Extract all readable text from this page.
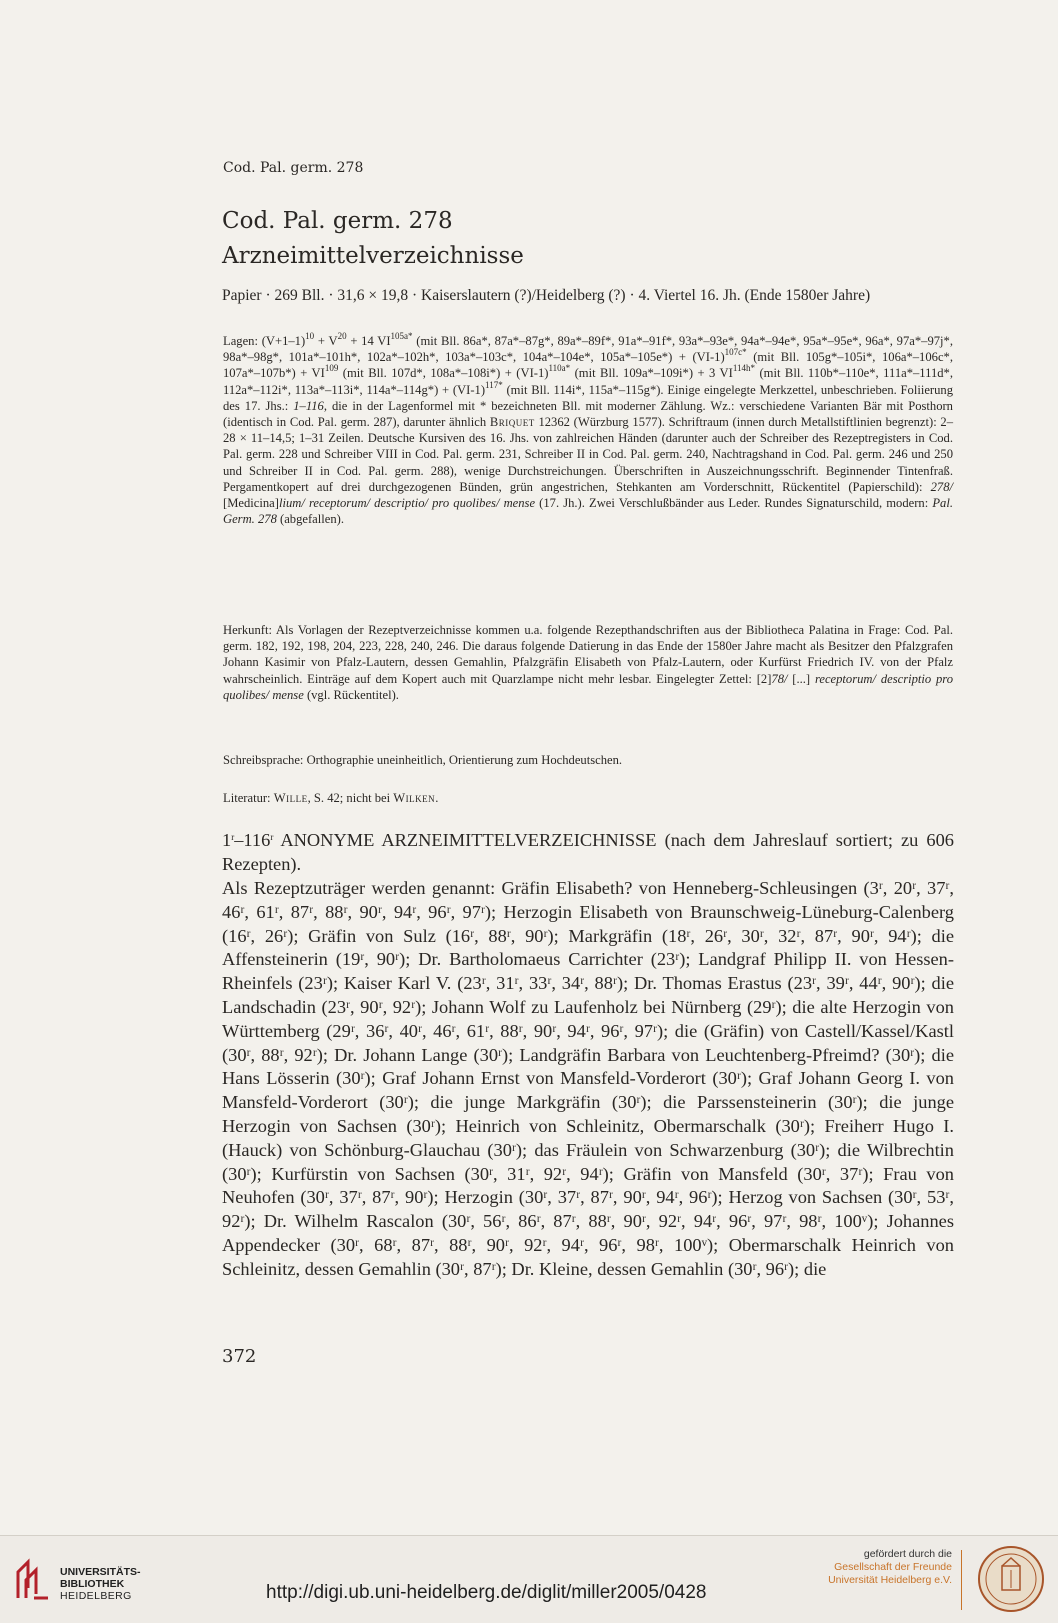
Cod. Pal. germ. 278
Cod. Pal. germ. 278
Arzneimittelverzeichnisse
Papier · 269 Bll. · 31,6 × 19,8 · Kaiserslautern (?)/Heidelberg (?) · 4. Viertel 16. Jh. (Ende 1580er Jahre)
Lagen: $(V+1-1)^{10} + V^{20} + 14$ $VI^{105a*}$ (mit Bll. 86a*, 87a*–87g*, 89a*–89f*, 91a*–91f*, 93a*–93e*, 94a*–94e*, 95a*–95e*, 96a*, 97a*–97j*, 98a*–98g*, 101a*–101h*, 102a*–102h*, 103a*–103c*, 104a*–104e*, $105a*-105e*) + (VI-1)^{107c*}$ (mit Bll. 105g*–105i*, 106a*–106c*, $107a*-107b*) + VI^{109}$ (mit Bll. 107d*, $108a*-108i*) + (VI-1)^{110a*}$ (mit Bll. 109a*–109i*) + 3 $VI^{114h*}$ (mit Bll. 110b*–110e*, 111a*–111d*, 112a*–112i*, 113a*–113i*, $114a*-114g*) + (VI-1)^{117*}$ (mit Bll. 114i*, 115a*–115g*). Einige eingelegte Merkzettel, unbeschrieben. Foliierung des 17. Jhs.: 1–116, die in der Lagenformel mit * bezeichneten Bll. mit moderner Zählung. Wz.: verschiedene Varianten Bär mit Posthorn (identisch in Cod. Pal. germ. 287), darunter ähnlich Briquet 12362 (Würzburg 1577). Schriftraum (innen durch Metallstiftlinien begrenzt): 2–28 × 11–14,5; 1–31 Zeilen. Deutsche Kursiven des 16. Jhs. von zahlreichen Händen (darunter auch der Schreiber des Rezeptregisters in Cod. Pal. germ. 228 und Schreiber VIII in Cod. Pal. germ. 231, Schreiber II in Cod. Pal. germ. 240, Nachtragshand in Cod. Pal. germ. 246 und 250 und Schreiber II in Cod. Pal. germ. 288), wenige Durchstreichungen. Überschriften in Auszeichnungsschrift. Beginnender Tintenfraß. Pergamentkopert auf drei durchgezogenen Bünden, grün angestrichen, Stehkanten am Vorderschnitt, Rückentitel (Papierschild): 278/ [Medicina]lium/ receptorum/ descriptio/ pro quolibes/ mense (17. Jh.). Zwei Verschlußbänder aus Leder. Rundes Signaturschild, modern: Pal. Germ. 278 (abgefallen).
Herkunft: Als Vorlagen der Rezeptverzeichnisse kommen u.a. folgende Rezepthandschriften aus der Bibliotheca Palatina in Frage: Cod. Pal. germ. 182, 192, 198, 204, 223, 228, 240, 246. Die daraus folgende Datierung in das Ende der 1580er Jahre macht als Besitzer den Pfalzgrafen Johann Kasimir von Pfalz-Lautern, dessen Gemahlin, Pfalzgräfin Elisabeth von Pfalz-Lautern, oder Kurfürst Friedrich IV. von der Pfalz wahrscheinlich. Einträge auf dem Kopert auch mit Quarzlampe nicht mehr lesbar. Eingelegter Zettel: [2]78/ [...] receptorum/ descriptio pro quolibes/ mense (vgl. Rückentitel).
Schreibsprache: Orthographie uneinheitlich, Orientierung zum Hochdeutschen.
Literatur: Wille, S. 42; nicht bei Wilken.
1$^r$–116$^r$ ANONYME ARZNEIMITTELVERZEICHNISSE (nach dem Jahreslauf sortiert; zu 606 Rezepten).
Als Rezeptzuträger werden genannt: Gräfin Elisabeth? von Henneberg-Schleusingen (3ʳ, 20ʳ, 37ʳ, 46ʳ, 61ʳ, 87ʳ, 88ʳ, 90ʳ, 94ʳ, 96ʳ, 97ʳ); Herzogin Elisabeth von Braunschweig-Lüneburg-Calenberg (16ʳ, 26ʳ); Gräfin von Sulz (16ʳ, 88ʳ, 90ʳ); Markgräfin (18ʳ, 26ʳ, 30ʳ, 32ʳ, 87ʳ, 90ʳ, 94ʳ); die Affensteinerin (19ʳ, 90ʳ); Dr. Bartholomaeus Carrichter (23ʳ); Landgraf Philipp II. von Hessen-Rheinfels (23ʳ); Kaiser Karl V. (23ʳ, 31ʳ, 33ʳ, 34ʳ, 88ʳ); Dr. Thomas Erastus (23ʳ, 39ʳ, 44ʳ, 90ʳ); die Landschadin (23ʳ, 90ʳ, 92ʳ); Johann Wolf zu Laufenholz bei Nürnberg (29ʳ); die alte Herzogin von Württemberg (29ʳ, 36ʳ, 40ʳ, 46ʳ, 61ʳ, 88ʳ, 90ʳ, 94ʳ, 96ʳ, 97ʳ); die (Gräfin) von Castell/Kassel/Kastl (30ʳ, 88ʳ, 92ʳ); Dr. Johann Lange (30ʳ); Landgräfin Barbara von Leuchtenberg-Pfreimd? (30ʳ); die Hans Lösserin (30ʳ); Graf Johann Ernst von Mansfeld-Vorderort (30ʳ); Graf Johann Georg I. von Mansfeld-Vorderort (30ʳ); die junge Markgräfin (30ʳ); die Parssensteinerin (30ʳ); die junge Herzogin von Sachsen (30ʳ); Heinrich von Schleinitz, Obermarschalk (30ʳ); Freiherr Hugo I. (Hauck) von Schönburg-Glauchau (30ʳ); das Fräulein von Schwarzenburg (30ʳ); die Wilbrechtin (30ʳ); Kurfürstin von Sachsen (30ʳ, 31ʳ, 92ʳ, 94ʳ); Gräfin von Mansfeld (30ʳ, 37ʳ); Frau von Neuhofen (30ʳ, 37ʳ, 87ʳ, 90ʳ); Herzogin (30ʳ, 37ʳ, 87ʳ, 90ʳ, 94ʳ, 96ʳ); Herzog von Sachsen (30ʳ, 53ʳ, 92ʳ); Dr. Wilhelm Rascalon (30ʳ, 56ʳ, 86ʳ, 87ʳ, 88ʳ, 90ʳ, 92ʳ, 94ʳ, 96ʳ, 97ʳ, 98ʳ, 100ᵛ); Johannes Appendecker (30ʳ, 68ʳ, 87ʳ, 88ʳ, 90ʳ, 92ʳ, 94ʳ, 96ʳ, 98ʳ, 100ᵛ); Obermarschalk Heinrich von Schleinitz, dessen Gemahlin (30ʳ, 87ʳ); Dr. Kleine, dessen Gemahlin (30ʳ, 96ʳ); die
372
UNIVERSITÄTS-
BIBLIOTHEK
HEIDELBERG	http://digi.ub.uni-heidelberg.de/diglit/miller2005/0428
gefördert durch die
Gesellschaft der Freunde
Universität Heidelberg e.V.
